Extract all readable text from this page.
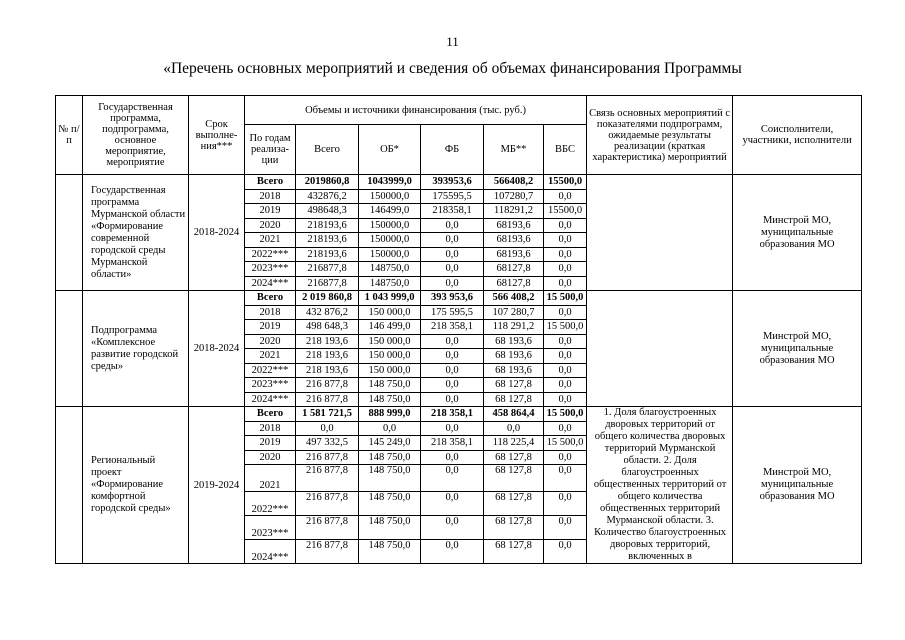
11
«Перечень основных мероприятий и сведения об объемах финансирования Программы
№ п/п	Государственная программа, подпрограмма, основное мероприятие, мероприятие	Срок выполне-ния***	Объемы и источники финансирования (тыс. руб.)						Связь основных мероприятий с показателями подпрограмм, ожидаемые результаты реализации (краткая характеристика) мероприятий	Соисполнители, участники, исполнители
			По годам реализа-ции	Всего	ОБ*	ФБ	МБ**	ВБС		
	Государственная программа Мурманской области «Формирование современной городской среды Мурманской области»	2018-2024	Всего	2019860,8	1043999,0	393953,6	566408,2	15500,0		Минстрой МО, муниципальные образования МО
			2018	432876,2	150000,0	175595,5	107280,7	0,0		
			2019	498648,3	146499,0	218358,1	118291,2	15500,0		
			2020	218193,6	150000,0	0,0	68193,6	0,0		
			2021	218193,6	150000,0	0,0	68193,6	0,0		
			2022***	218193,6	150000,0	0,0	68193,6	0,0		
			2023***	216877,8	148750,0	0,0	68127,8	0,0		
			2024***	216877,8	148750,0	0,0	68127,8	0,0		
	Подпрограмма «Комплексное развитие городской среды»	2018-2024	Всего	2 019 860,8	1 043 999,0	393 953,6	566 408,2	15 500,0		Минстрой МО, муниципальные образования МО
			2018	432 876,2	150 000,0	175 595,5	107 280,7	0,0		
			2019	498 648,3	146 499,0	218 358,1	118 291,2	15 500,0		
			2020	218 193,6	150 000,0	0,0	68 193,6	0,0		
			2021	218 193,6	150 000,0	0,0	68 193,6	0,0		
			2022***	218 193,6	150 000,0	0,0	68 193,6	0,0		
			2023***	216 877,8	148 750,0	0,0	68 127,8	0,0		
			2024***	216 877,8	148 750,0	0,0	68 127,8	0,0		
	Региональный проект «Формирование комфортной городской среды»	2019-2024	Всего	1 581 721,5	888 999,0	218 358,1	458 864,4	15 500,0	1. Доля благоустроенных дворовых территорий от общего количества дворовых территорий Мурманской области. 2. Доля благоустроенных общественных территорий от общего количества общественных территорий Мурманской области. 3. Количество благоустроенных дворовых территорий, включенных в	Минстрой МО, муниципальные образования МО
			2018	0,0	0,0	0,0	0,0	0,0		
			2019	497 332,5	145 249,0	218 358,1	118 225,4	15 500,0		
			2020	216 877,8	148 750,0	0,0	68 127,8	0,0		
			2021	216 877,8	148 750,0	0,0	68 127,8	0,0		
			2022***	216 877,8	148 750,0	0,0	68 127,8	0,0		
			2023***	216 877,8	148 750,0	0,0	68 127,8	0,0		
			2024***	216 877,8	148 750,0	0,0	68 127,8	0,0		
